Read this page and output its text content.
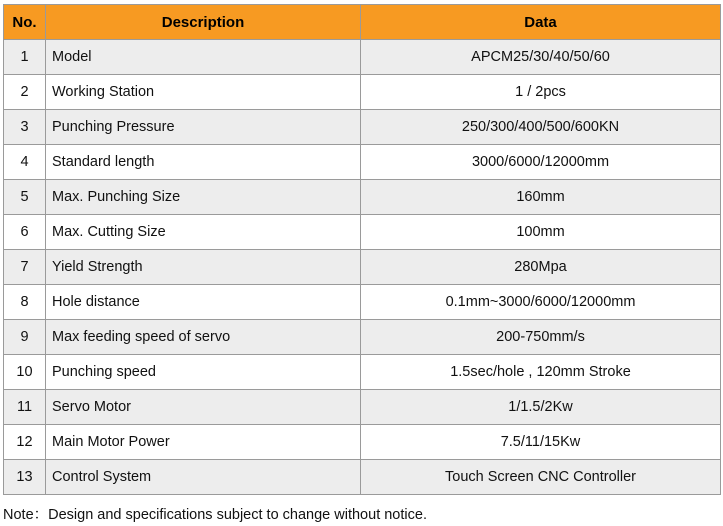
No.	Description	Data
1	Model	APCM25/30/40/50/60
2	Working Station	1 / 2pcs
3	Punching Pressure	250/300/400/500/600KN
4	Standard length	3000/6000/12000mm
5	Max. Punching Size	160mm
6	Max. Cutting Size	100mm
7	Yield Strength	280Mpa
8	Hole distance	0.1mm~3000/6000/12000mm
9	Max feeding speed of servo	200-750mm/s
10	Punching speed	1.5sec/hole , 120mm Stroke
11	Servo Motor	1/1.5/2Kw
12	Main Motor Power	7.5/11/15Kw
13	Control System	Touch Screen CNC Controller
Note：Design and specifications subject to change without notice.
